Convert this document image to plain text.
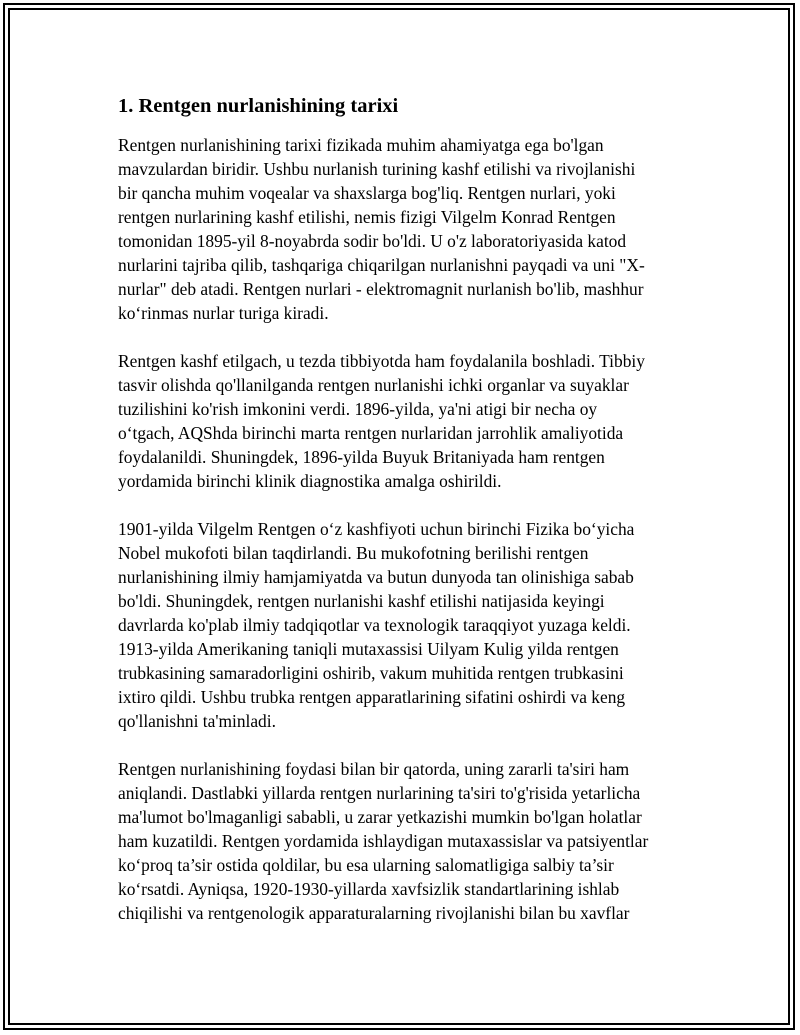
1. Rentgen nurlanishining tarixi
Rentgen nurlanishining tarixi fizikada muhim ahamiyatga ega bo'lgan
mavzulardan biridir. Ushbu nurlanish turining kashf etilishi va rivojlanishi
bir qancha muhim voqealar va shaxslarga bog'liq. Rentgen nurlari, yoki
rentgen nurlarining kashf etilishi, nemis fizigi Vilgelm Konrad Rentgen
tomonidan 1895-yil 8-noyabrda sodir bo'ldi. U o'z laboratoriyasida katod
nurlarini tajriba qilib, tashqariga chiqarilgan nurlanishni payqadi va uni "X-
nurlar" deb atadi. Rentgen nurlari - elektromagnit nurlanish bo'lib, mashhur
ko‘rinmas nurlar turiga kiradi.
Rentgen kashf etilgach, u tezda tibbiyotda ham foydalanila boshladi. Tibbiy
tasvir olishda qo'llanilganda rentgen nurlanishi ichki organlar va suyaklar
tuzilishini ko'rish imkonini verdi. 1896-yilda, ya'ni atigi bir necha oy
o‘tgach, AQShda birinchi marta rentgen nurlaridan jarrohlik amaliyotida
foydalanildi. Shuningdek, 1896-yilda Buyuk Britaniyada ham rentgen
yordamida birinchi klinik diagnostika amalga oshirildi.
1901-yilda Vilgelm Rentgen o‘z kashfiyoti uchun birinchi Fizika bo‘yicha
Nobel mukofoti bilan taqdirlandi. Bu mukofotning berilishi rentgen
nurlanishining ilmiy hamjamiyatda va butun dunyoda tan olinishiga sabab
bo'ldi. Shuningdek, rentgen nurlanishi kashf etilishi natijasida keyingi
davrlarda ko'plab ilmiy tadqiqotlar va texnologik taraqqiyot yuzaga keldi.
1913-yilda Amerikaning taniqli mutaxassisi Uilyam Kulig yilda rentgen
trubkasining samaradorligini oshirib, vakum muhitida rentgen trubkasini
ixtiro qildi. Ushbu trubka rentgen apparatlarining sifatini oshirdi va keng
qo'llanishni ta'minladi.
Rentgen nurlanishining foydasi bilan bir qatorda, uning zararli ta'siri ham
aniqlandi. Dastlabki yillarda rentgen nurlarining ta'siri to'g'risida yetarlicha
ma'lumot bo'lmaganligi sababli, u zarar yetkazishi mumkin bo'lgan holatlar
ham kuzatildi. Rentgen yordamida ishlaydigan mutaxassislar va patsiyentlar
ko‘proq ta’sir ostida qoldilar, bu esa ularning salomatligiga salbiy ta’sir
ko‘rsatdi. Ayniqsa, 1920-1930-yillarda xavfsizlik standartlarining ishlab
chiqilishi va rentgenologik apparaturalarning rivojlanishi bilan bu xavflar
